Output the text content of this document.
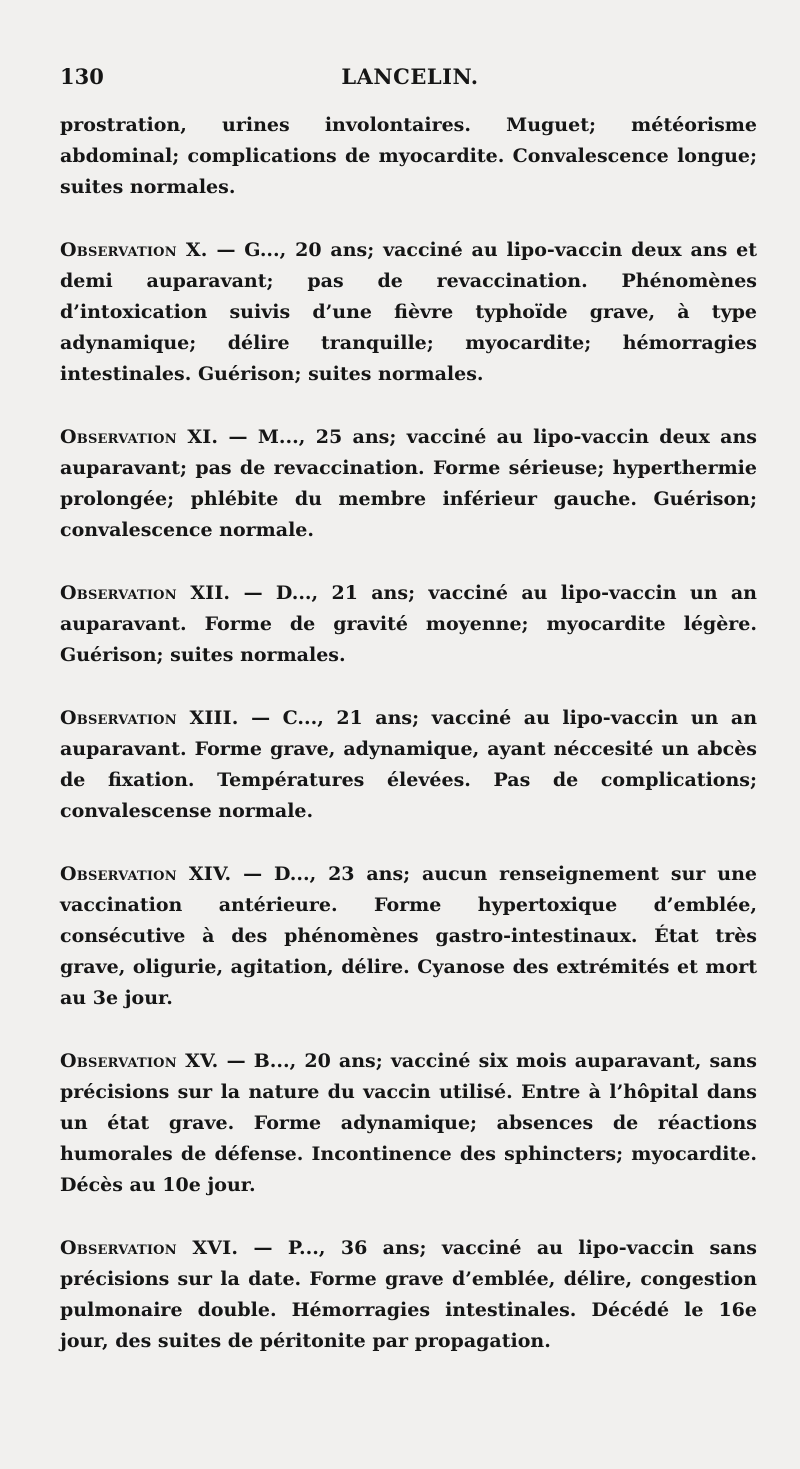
130	LANCELIN.

prostration, urines involontaires. Muguet; météorisme abdominal; complications de myocardite. Convalescence longue; suites normales.

Observation X. — G..., 20 ans; vacciné au lipo-vaccin deux ans et demi auparavant; pas de revaccination. Phénomènes d’intoxication suivis d’une fièvre typhoïde grave, à type adynamique; délire tranquille; myocardite; hémorragies intestinales. Guérison; suites normales.

Observation XI. — M..., 25 ans; vacciné au lipo-vaccin deux ans auparavant; pas de revaccination. Forme sérieuse; hyperthermie prolongée; phlébite du membre inférieur gauche. Guérison; convalescence normale.

Observation XII. — D..., 21 ans; vacciné au lipo-vaccin un an auparavant. Forme de gravité moyenne; myocardite légère. Guérison; suites normales.

Observation XIII. — C..., 21 ans; vacciné au lipo-vaccin un an auparavant. Forme grave, adynamique, ayant néccesité un abcès de fixation. Températures élevées. Pas de complications; convalescense normale.

Observation XIV. — D..., 23 ans; aucun renseignement sur une vaccination antérieure. Forme hypertoxique d’emblée, consécutive à des phénomènes gastro-intestinaux. État très grave, oligurie, agitation, délire. Cyanose des extrémités et mort au 3e jour.

Observation XV. — B..., 20 ans; vacciné six mois auparavant, sans précisions sur la nature du vaccin utilisé. Entre à l’hôpital dans un état grave. Forme adynamique; absences de réactions humorales de défense. Incontinence des sphincters; myocardite. Décès au 10e jour.

Observation XVI. — P..., 36 ans; vacciné au lipo-vaccin sans précisions sur la date. Forme grave d’emblée, délire, congestion pulmonaire double. Hémorragies intestinales. Décédé le 16e jour, des suites de péritonite par propagation.
